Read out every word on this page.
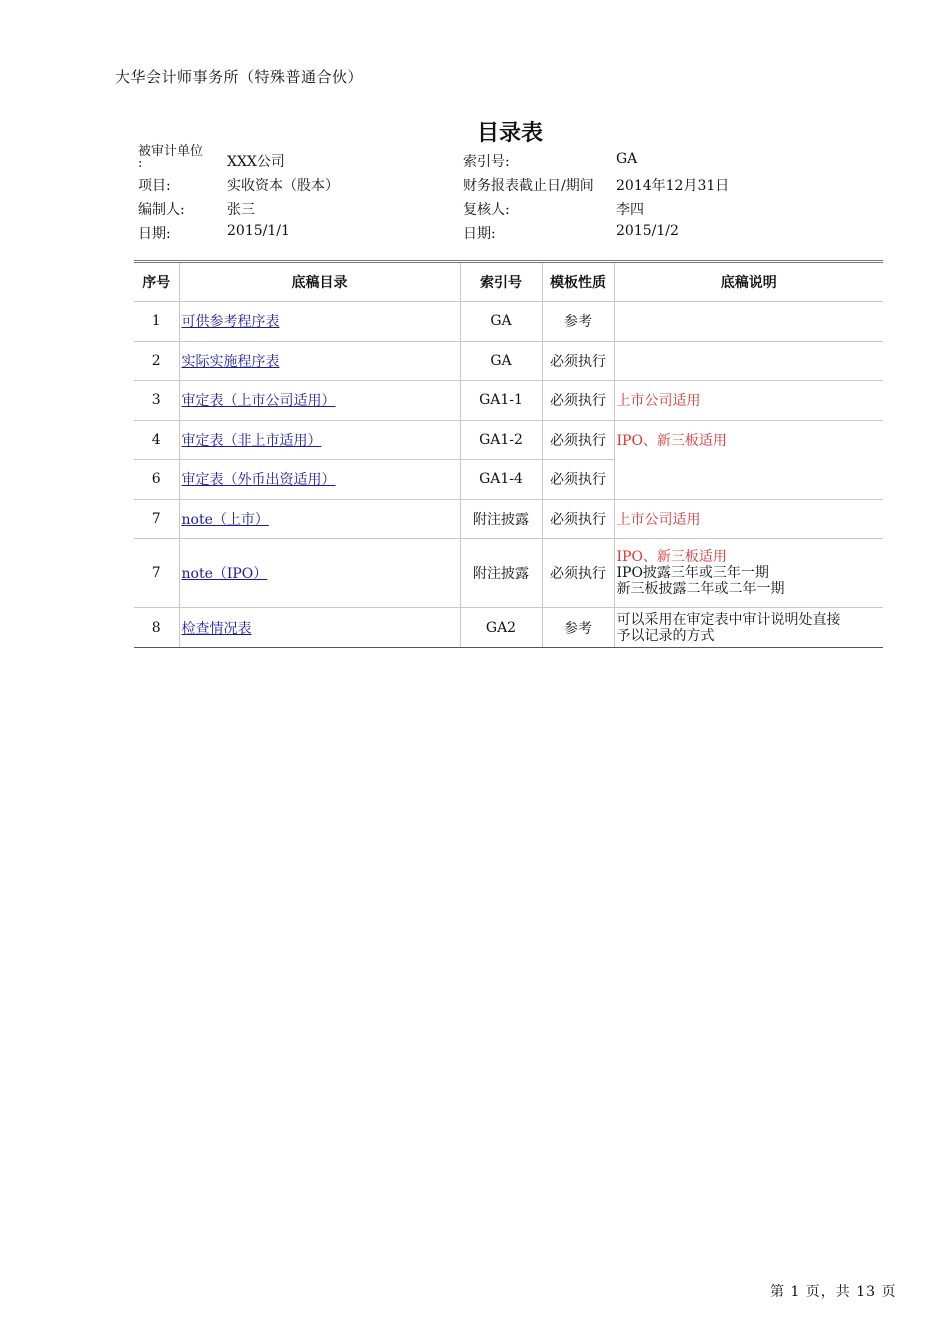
大华会计师事务所（特殊普通合伙）
目录表
被审计单位
:	XXX公司	索引号:	GA
项目:	实收资本（股本）	财务报表截止日/期间 2014年12月31日
编制人:	张三	复核人:	李四
日期:	2015/1/1	日期:	2015/1/2
序号	底稿目录	索引号	模板性质	底稿说明
1	可供参考程序表	GA	参考	
2	实际实施程序表	GA	必须执行	
3	审定表（上市公司适用）	GA1-1	必须执行	上市公司适用
4	审定表（非上市适用）	GA1-2	必须执行	IPO、新三板适用
6	审定表（外币出资适用）	GA1-4	必须执行	
7	note（上市）	附注披露	必须执行	上市公司适用
7	note（IPO）	附注披露	必须执行	IPO、新三板适用
IPO披露三年或三年一期
新三板披露二年或二年一期

8	检查情况表	GA2	参考	可以采用在审定表中审计说明处直接
予以记录的方式
第 1 页，共 13 页
